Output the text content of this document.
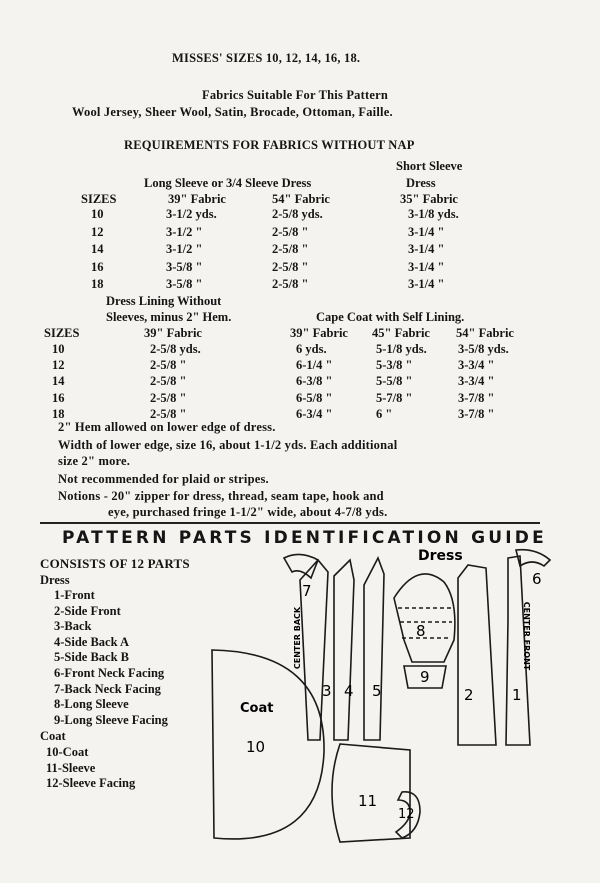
MISSES' SIZES 10, 12, 14, 16, 18.
Fabrics Suitable For This Pattern
Wool Jersey, Sheer Wool, Satin, Brocade, Ottoman, Faille.
REQUIREMENTS FOR FABRICS WITHOUT NAP
Short Sleeve
Long Sleeve or 3/4 Sleeve Dress	Dress
SIZES	39" Fabric	54" Fabric	35" Fabric
10	3-1/2 yds.	2-5/8 yds.	3-1/8 yds.
12	3-1/2 "	2-5/8 "	3-1/4 "
14	3-1/2 "	2-5/8 "	3-1/4 "
16	3-5/8 "	2-5/8 "	3-1/4 "
18	3-5/8 "	2-5/8 "	3-1/4 "
Dress Lining Without
Sleeves, minus 2" Hem.	Cape Coat with Self Lining.
SIZES	39" Fabric	39" Fabric 45" Fabric 54" Fabric
10	2-5/8 yds.	6 yds.	5-1/8 yds.	3-5/8 yds.
12	2-5/8 "	6-1/4 "	5-3/8 "	3-3/4 "
14	2-5/8 "	6-3/8 "	5-5/8 "	3-3/4 "
16	2-5/8 "	6-5/8 "	5-7/8 "	3-7/8 "
18	2-5/8 "	6-3/4 "	6 "	3-7/8 "
2" Hem allowed on lower edge of dress.
Width of lower edge, size 16, about 1-1/2 yds. Each additional
size 2" more.
Not recommended for plaid or stripes.
Notions - 20" zipper for dress, thread, seam tape, hook and
eye, purchased fringe 1-1/2" wide, about 4-7/8 yds.
PATTERN PARTS IDENTIFICATION GUIDE
CONSISTS OF 12 PARTS
Dress
1-Front
2-Side Front
3-Back
4-Side Back A
5-Side Back B
6-Front Neck Facing
7-Back Neck Facing
8-Long Sleeve
9-Long Sleeve Facing
Coat
10-Coat
11-Sleeve
12-Sleeve Facing
Dress
Coat
CENTER BACK	CENTER FRONT
1
2
3 4 5
6
7
8
9
10
11
12
